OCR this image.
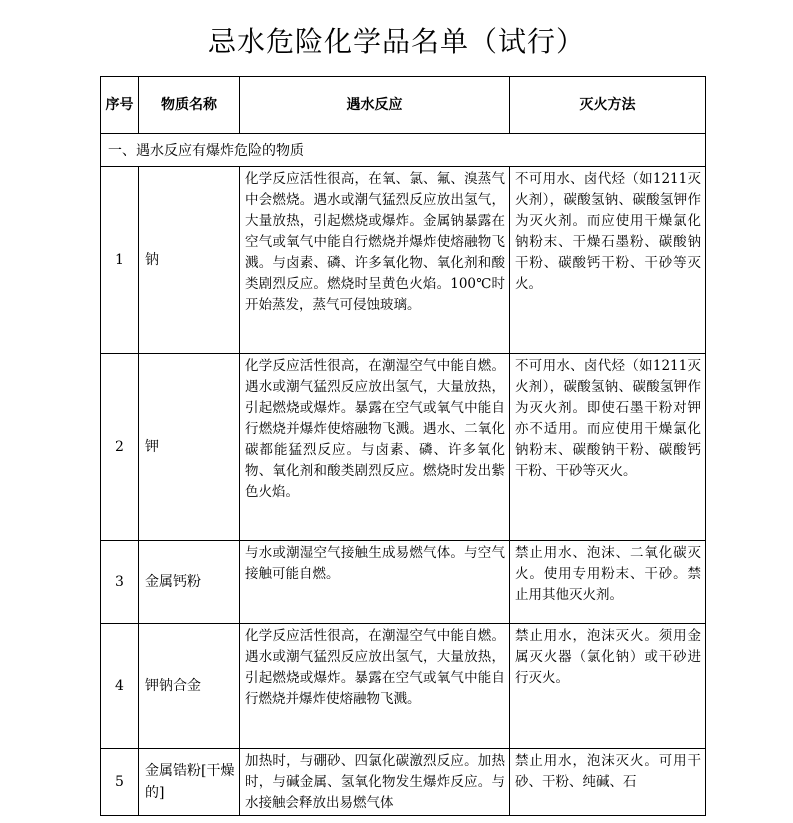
忌水危险化学品名单（试行）
序号	物质名称	遇水反应	灭火方法
一、遇水反应有爆炸危险的物质			
1	钠	化学反应活性很高，在氧、氯、氟、溴蒸气中会燃烧。遇水或潮气猛烈反应放出氢气，大量放热，引起燃烧或爆炸。金属钠暴露在空气或氧气中能自行燃烧并爆炸使熔融物飞溅。与卤素、磷、许多氧化物、氧化剂和酸类剧烈反应。燃烧时呈黄色火焰。100℃时开始蒸发，蒸气可侵蚀玻璃。	不可用水、卤代烃（如1211灭火剂），碳酸氢钠、碳酸氢钾作为灭火剂。而应使用干燥氯化钠粉末、干燥石墨粉、碳酸钠干粉、碳酸钙干粉、干砂等灭火。
2	钾	化学反应活性很高，在潮湿空气中能自燃。遇水或潮气猛烈反应放出氢气，大量放热，引起燃烧或爆炸。暴露在空气或氧气中能自行燃烧并爆炸使熔融物飞溅。遇水、二氧化碳都能猛烈反应。与卤素、磷、许多氧化物、氧化剂和酸类剧烈反应。燃烧时发出紫色火焰。	不可用水、卤代烃（如1211灭火剂），碳酸氢钠、碳酸氢钾作为灭火剂。即使石墨干粉对钾亦不适用。而应使用干燥氯化钠粉末、碳酸钠干粉、碳酸钙干粉、干砂等灭火。
3	金属钙粉	与水或潮湿空气接触生成易燃气体。与空气接触可能自燃。	禁止用水、泡沫、二氧化碳灭火。使用专用粉末、干砂。禁止用其他灭火剂。
4	钾钠合金	化学反应活性很高，在潮湿空气中能自燃。遇水或潮气猛烈反应放出氢气，大量放热，引起燃烧或爆炸。暴露在空气或氧气中能自行燃烧并爆炸使熔融物飞溅。	禁止用水，泡沫灭火。须用金属灭火器（氯化钠）或干砂进行灭火。
5	金属锆粉[干燥的]	加热时，与硼砂、四氯化碳激烈反应。加热时，与碱金属、氢氧化物发生爆炸反应。与水接触会释放出易燃气体	禁止用水，泡沫灭火。可用干砂、干粉、纯碱、石
